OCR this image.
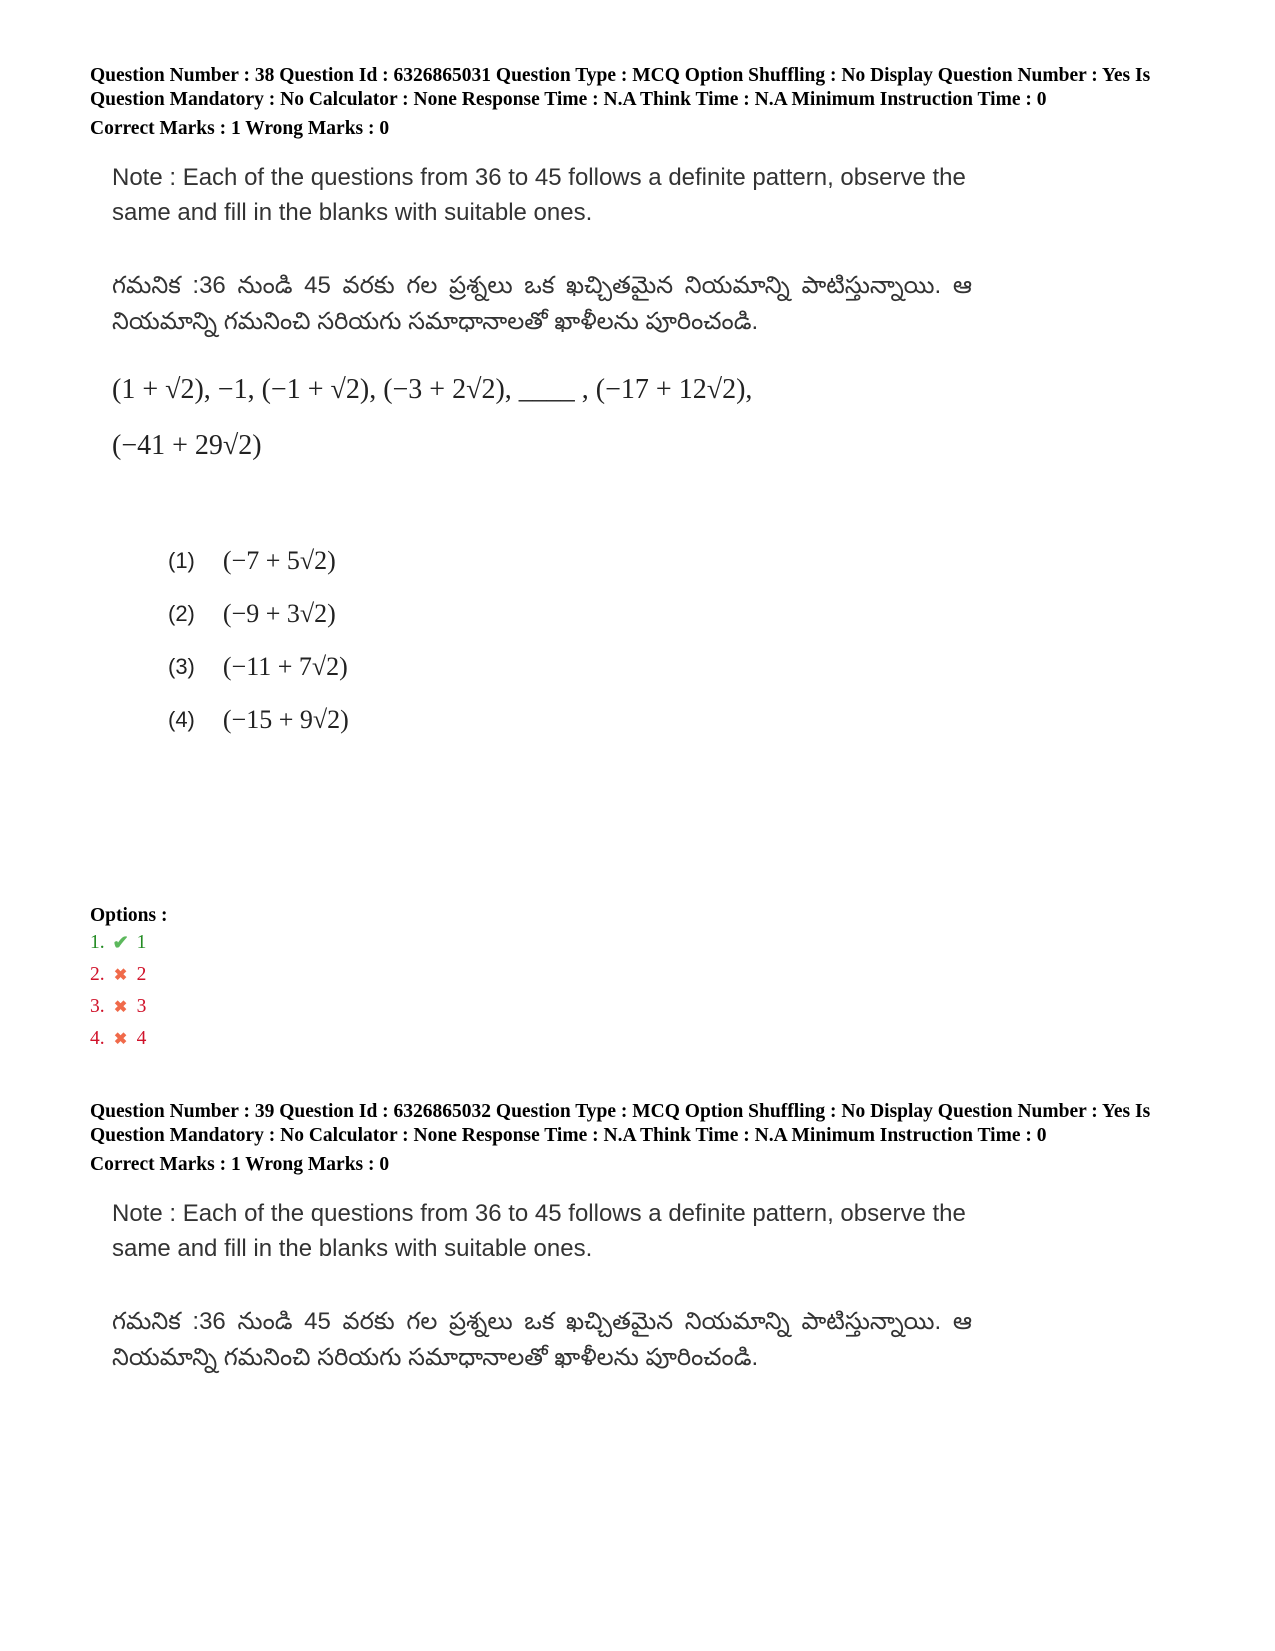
Question Number : 38 Question Id : 6326865031 Question Type : MCQ Option Shuffling : No Display Question Number : Yes Is Question Mandatory : No Calculator : None Response Time : N.A Think Time : N.A Minimum Instruction Time : 0
Correct Marks : 1 Wrong Marks : 0
Note : Each of the questions from 36 to 45 follows a definite pattern, observe the same and fill in the blanks with suitable ones.
గమనిక :36 నుండి 45 వరకు గల ప్రశ్నలు ఒక ఖచ్చితమైన నియమాన్ని పాటిస్తున్నాయి. ఆ నియమాన్ని గమనించి సరియగు సమాధానాలతో ఖాళీలను పూరించండి.
(1 + √2), −1, (−1 + √2), (−3 + 2√2), ____ , (−17 + 12√2),
(−41 + 29√2)
(1) (−7 + 5√2)
(2) (−9 + 3√2)
(3) (−11 + 7√2)
(4) (−15 + 9√2)
Options :
1. ✔ 1
2. ✖ 2
3. ✖ 3
4. ✖ 4
Question Number : 39 Question Id : 6326865032 Question Type : MCQ Option Shuffling : No Display Question Number : Yes Is Question Mandatory : No Calculator : None Response Time : N.A Think Time : N.A Minimum Instruction Time : 0
Correct Marks : 1 Wrong Marks : 0
Note : Each of the questions from 36 to 45 follows a definite pattern, observe the same and fill in the blanks with suitable ones.
గమనిక :36 నుండి 45 వరకు గల ప్రశ్నలు ఒక ఖచ్చితమైన నియమాన్ని పాటిస్తున్నాయి. ఆ నియమాన్ని గమనించి సరియగు సమాధానాలతో ఖాళీలను పూరించండి.
